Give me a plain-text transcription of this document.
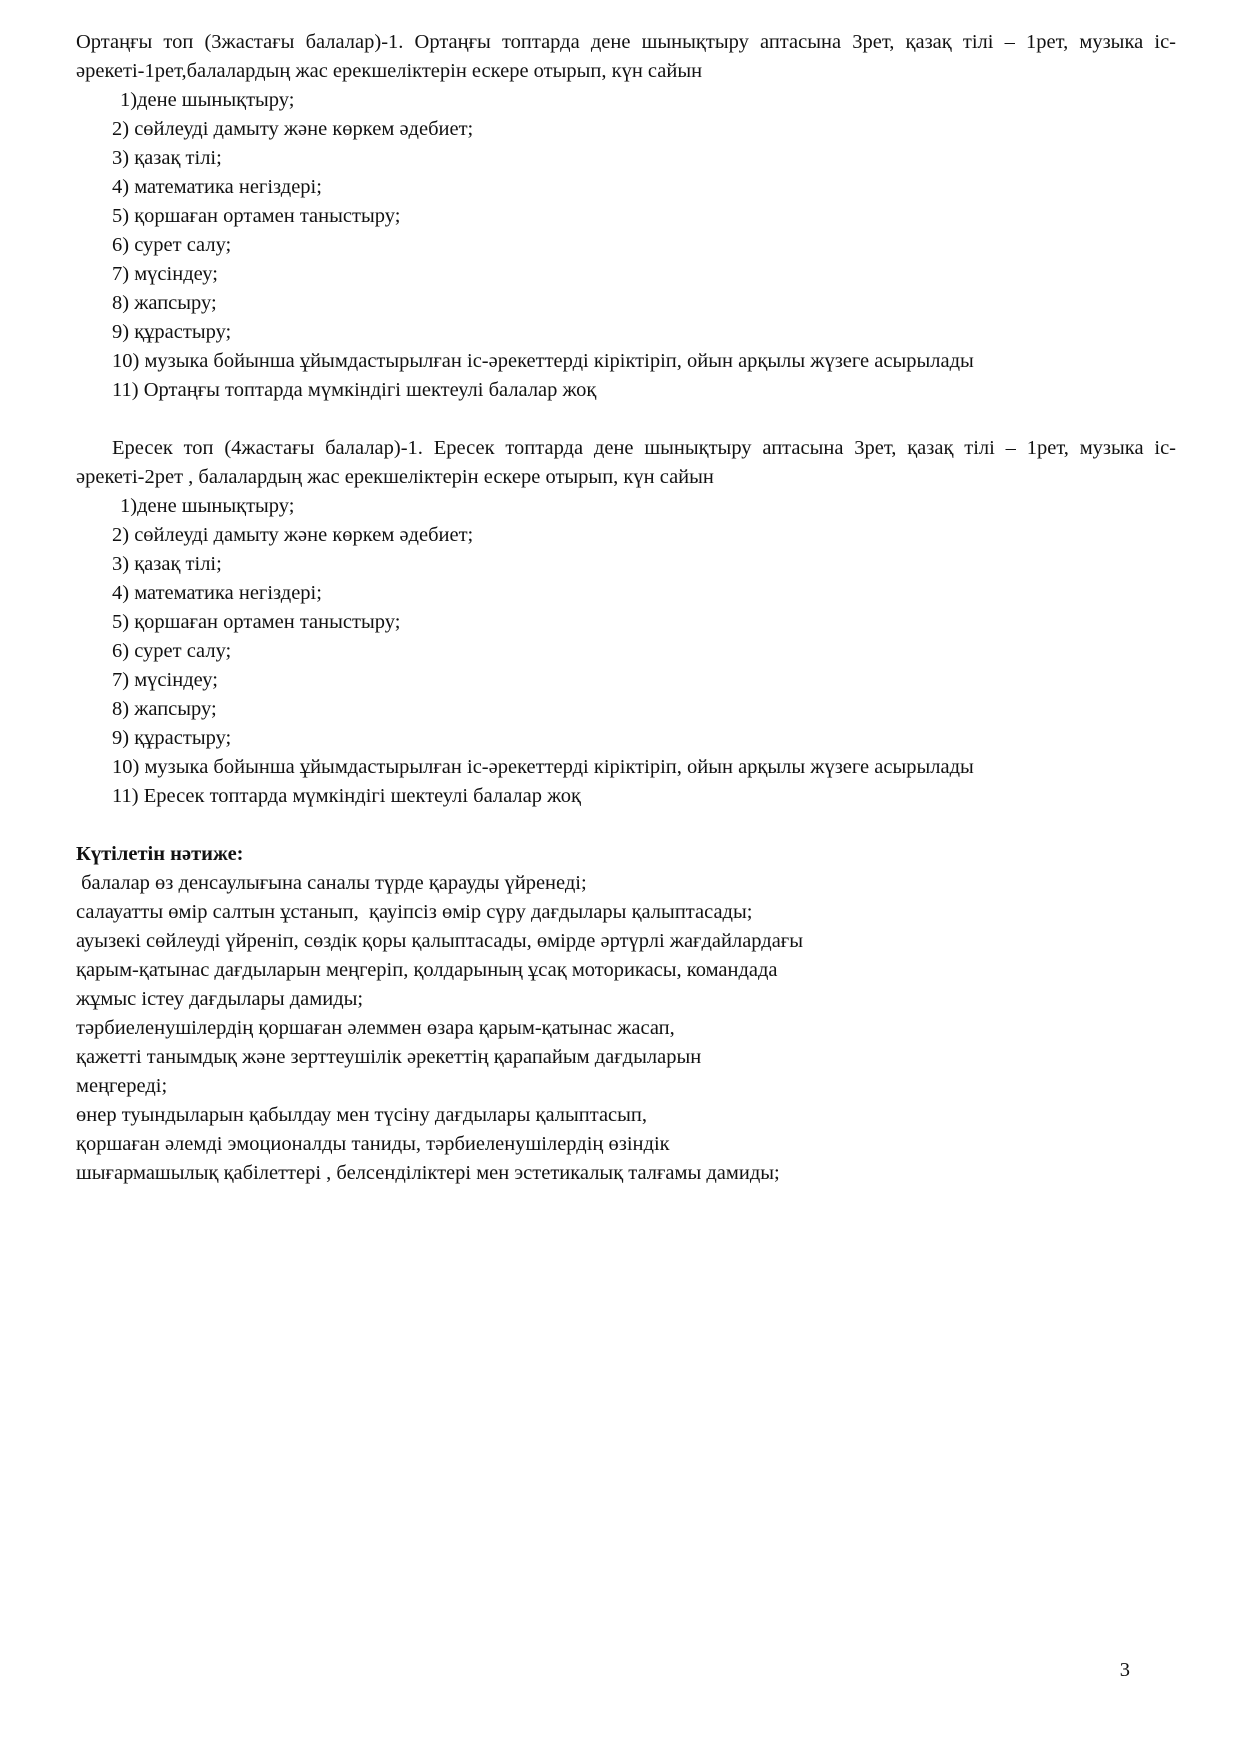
Ортаңғы топ (3жастағы балалар)-1. Ортаңғы топтарда дене шынықтыру аптасына 3рет, қазақ тілі – 1рет, музыка іс-әрекеті-1рет,балалардың жас ерекшеліктерін ескере отырып, күн сайын

1)дене шынықтыру;
2) сөйлеуді дамыту және көркем әдебиет;
3) қазақ тілі;
4) математика негіздері;
5) қоршаған ортамен таныстыру;
6) сурет салу;
7) мүсіндеу;
8) жапсыру;
9) құрастыру;
10) музыка бойынша ұйымдастырылған іс-әрекеттерді кіріктіріп, ойын арқылы жүзеге асырылады
11) Ортаңғы топтарда мүмкіндігі шектеулі балалар жоқ

Ересек топ (4жастағы балалар)-1. Ересек топтарда дене шынықтыру аптасына 3рет, қазақ тілі – 1рет, музыка іс-әрекеті-2рет , балалардың жас ерекшеліктерін ескере отырып, күн сайын

1)дене шынықтыру;
2) сөйлеуді дамыту және көркем әдебиет;
3) қазақ тілі;
4) математика негіздері;
5) қоршаған ортамен таныстыру;
6) сурет салу;
7) мүсіндеу;
8) жапсыру;
9) құрастыру;
10) музыка бойынша ұйымдастырылған іс-әрекеттерді кіріктіріп, ойын арқылы жүзеге асырылады
11) Ересек топтарда мүмкіндігі шектеулі балалар жоқ

Күтілетін нәтиже:

балалар өз денсаулығына саналы түрде қарауды үйренеді;

салауатты өмір салтын ұстанып,  қауіпсіз өмір сүру дағдылары қалыптасады;

ауызекі сөйлеуді үйреніп, сөздік қоры қалыптасады, өмірде әртүрлі жағдайлардағы

қарым-қатынас дағдыларын меңгеріп, қолдарының ұсақ моторикасы, командада

жұмыс істеу дағдылары дамиды;

тәрбиеленушілердің қоршаған әлеммен өзара қарым-қатынас жасап,

қажетті танымдық және зерттеушілік әрекеттің қарапайым дағдыларын

меңгереді;

өнер туындыларын қабылдау мен түсіну дағдылары қалыптасып,

қоршаған әлемді эмоционалды таниды, тәрбиеленушілердің өзіндік

шығармашылық қабілеттері , белсенділіктері мен эстетикалық талғамы дамиды;

3
